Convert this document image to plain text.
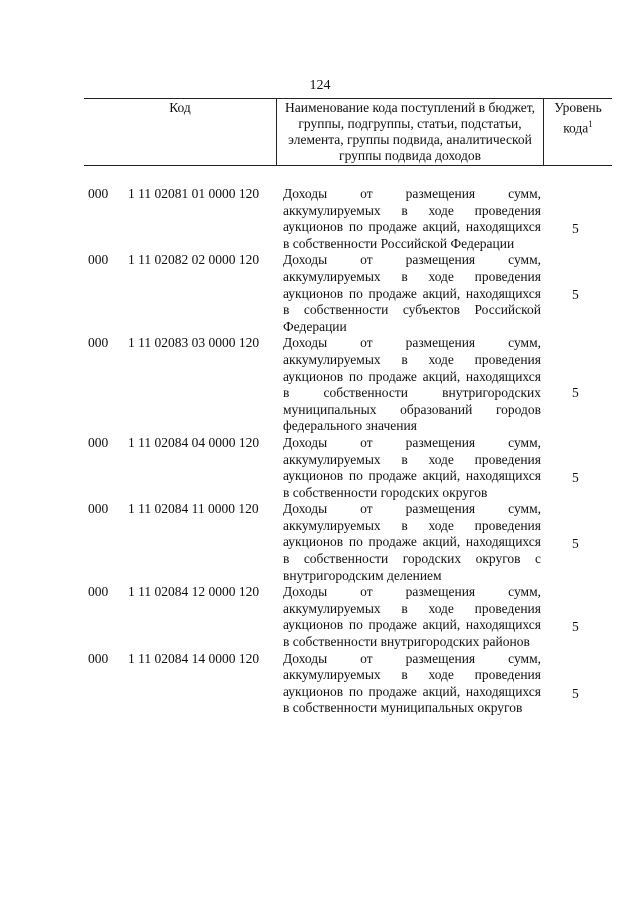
124
Код	Наименование кода поступлений в бюджет, группы, подгруппы, статьи, подстатьи, элемента, группы подвида, аналитической группы подвида доходов
Уровень кода$^1$
000 1 11 02081 01 0000 120 Доходы от размещения сумм, аккумулируемых в ходе проведения аукционов по продаже акций, находящихся в собственности Российской Федерации
5
000 1 11 02082 02 0000 120 Доходы от размещения сумм, аккумулируемых в ходе проведения аукционов по продаже акций, находящихся в собственности субъектов Российской Федерации
5
000 1 11 02083 03 0000 120 Доходы от размещения сумм, аккумулируемых в ходе проведения аукционов по продаже акций, находящихся в собственности внутригородских муниципальных образований городов федерального значения
5
000 1 11 02084 04 0000 120 Доходы от размещения сумм, аккумулируемых в ходе проведения аукционов по продаже акций, находящихся в собственности городских округов
5
000 1 11 02084 11 0000 120 Доходы от размещения сумм, аккумулируемых в ходе проведения аукционов по продаже акций, находящихся в собственности городских округов с внутригородским делением
5
000 1 11 02084 12 0000 120 Доходы от размещения сумм, аккумулируемых в ходе проведения аукционов по продаже акций, находящихся в собственности внутригородских районов
5
000 1 11 02084 14 0000 120 Доходы от размещения сумм, аккумулируемых в ходе проведения аукционов по продаже акций, находящихся в собственности муниципальных округов
5
